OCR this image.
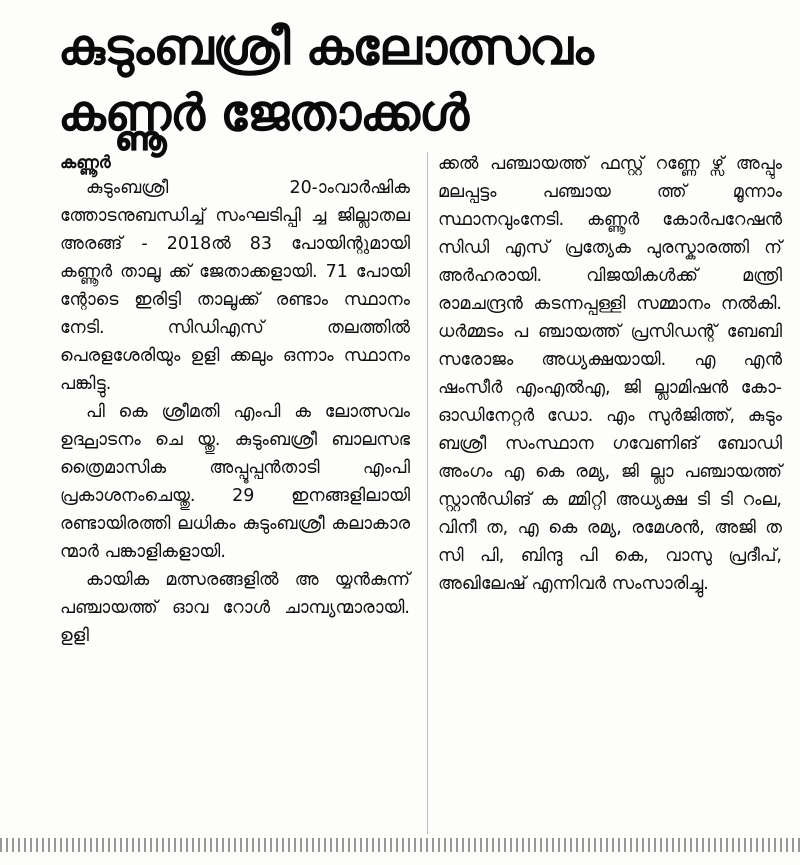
കുടുംബശ്രീ കലോത്സവം
കണ്ണൂർ ജേതാക്കൾ
കണ്ണൂർ

കുടുംബശ്രീ 20-ാംവാർഷിക ത്തോടനുബന്ധിച്ച് സംഘടിപ്പി ച്ച ജില്ലാതല അരങ്ങ് - 2018ൽ 83 പോയിന്റുമായി കണ്ണൂർ താലൂ ക്ക് ജേതാക്കളായി. 71 പോയി ന്റോടെ ഇരിട്ടി താലൂക്ക് രണ്ടാം സ്ഥാനം നേടി. സിഡിഎസ് തലത്തിൽ പെരളശേരിയും ഉളി ക്കലും ഒന്നാം സ്ഥാനം പങ്കിട്ടു.

പി കെ ശ്രീമതി എംപി ക ലോത്സവം ഉദ്ഘാടനം ചെ യ്തു. കുടുംബശ്രീ ബാലസഭ ത്രൈമാസിക അപ്പൂപ്പൻതാടി എംപി പ്രകാശനംചെയ്തു. 29 ഇനങ്ങളിലായി രണ്ടായിരത്തി ലധികം കുടുംബശ്രീ കലാകാര ന്മാർ പങ്കാളികളായി.

കായിക മത്സരങ്ങളിൽ അ യ്യൻകുന്ന് പഞ്ചായത്ത് ഓവ റോൾ ചാമ്പ്യന്മാരായി. ഉളി

ക്കൽ പഞ്ചായത്ത് ഫസ്റ്റ് റണ്ണേ ഴ്സ് അപ്പും മലപ്പട്ടം പഞ്ചായ ത്ത് മൂന്നാം സ്ഥാനവുംനേടി. കണ്ണൂർ കോർപറേഷൻ സിഡി എസ് പ്രത്യേക പുരസ്കാരത്തി ന് അർഹരായി. വിജയികൾക്ക് മന്ത്രി രാമചന്ദ്രൻ കടന്നപ്പള്ളി സമ്മാനം നൽകി. ധർമ്മടം പ ഞ്ചായത്ത് പ്രസിഡന്റ് ബേബി സരോജം അധ്യക്ഷയായി. എ എൻ ഷംസീർ എംഎൽഎ, ജി ല്ലാമിഷൻ കോ-ഓഡിനേറ്റർ ഡോ. എം സുർജിത്ത്, കുടും ബശ്രീ സംസ്ഥാന ഗവേണിങ് ബോഡി അംഗം എ കെ രമ്യ, ജി ല്ലാ പഞ്ചായത്ത് സ്റ്റാൻഡിങ് ക മ്മിറ്റി അധ്യക്ഷ ടി ടി റംല, വിനീ ത, എ കെ രമ്യ, രമേശൻ, അജി ത സി പി, ബിന്ദു പി കെ, വാസു പ്രദീപ്, അഖിലേഷ് എന്നിവർ സംസാരിച്ചു.
